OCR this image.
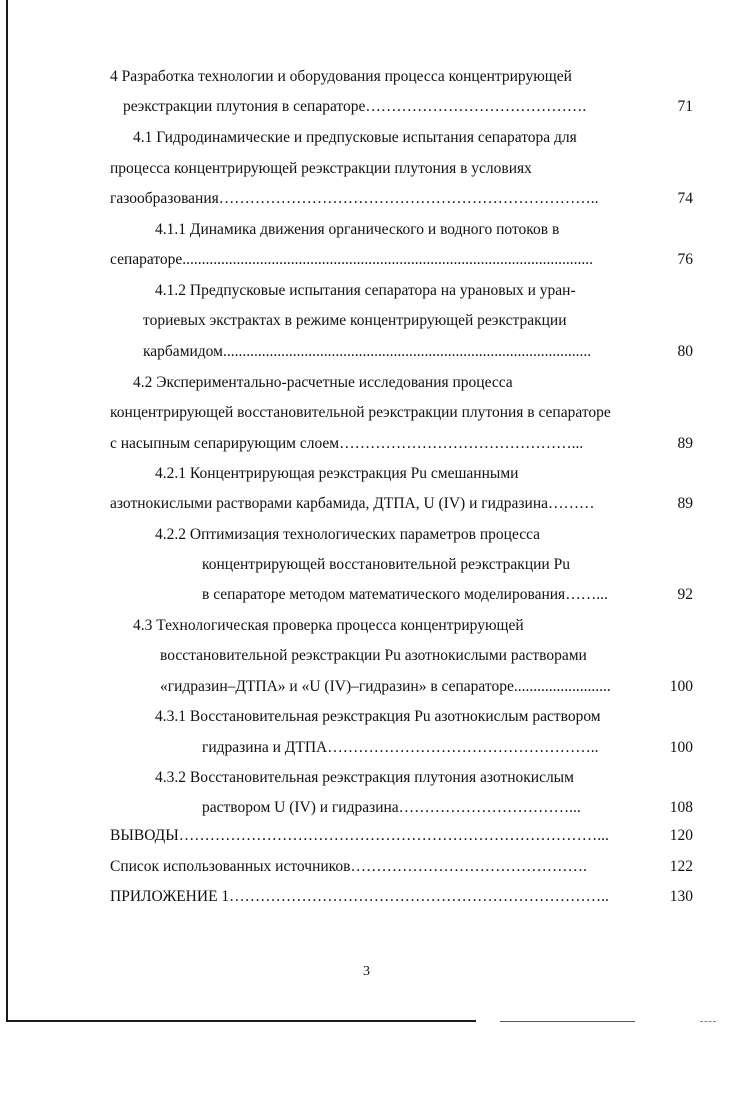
4 Разработка технологии и оборудования процесса концентрирующей
реэкстракции плутония в сепараторе…………………………………….	71
4.1 Гидродинамические и предпусковые испытания сепаратора для
процесса концентрирующей реэкстракции плутония в условиях
газообразования………………………………………………………………..	74
4.1.1 Динамика движения органического и водного потоков в
сепараторе..........................................................................................................	76
4.1.2 Предпусковые испытания сепаратора на урановых и уран-
ториевых экстрактах в режиме концентрирующей реэкстракции
карбамидом...............................................................................................	80
4.2 Экспериментально-расчетные исследования процесса
концентрирующей восстановительной реэкстракции плутония в сепараторе
с насыпным сепарирующим слоем………………………………………...	89
4.2.1 Концентрирующая реэкстракция Pu смешанными
азотнокислыми растворами карбамида, ДТПА, U (IV) и гидразина………	89
4.2.2 Оптимизация технологических параметров процесса
концентрирующей восстановительной реэкстракции Pu
в сепараторе методом математического моделирования……...	92
4.3 Технологическая проверка процесса концентрирующей
восстановительной реэкстракции Pu азотнокислыми растворами
«гидразин–ДТПА» и «U (IV)–гидразин» в сепараторе.........................	100
4.3.1 Восстановительная реэкстракция Pu азотнокислым раствором
гидразина и ДТПА……………………………………………..	100
4.3.2 Восстановительная реэкстракция плутония азотнокислым
раствором U (IV) и гидразина……………………………...	108
ВЫВОДЫ………………………………………………………………………...	120
Список использованных источников……………………………………….	122
ПРИЛОЖЕНИЕ 1………………………………………………………………..	130
3
